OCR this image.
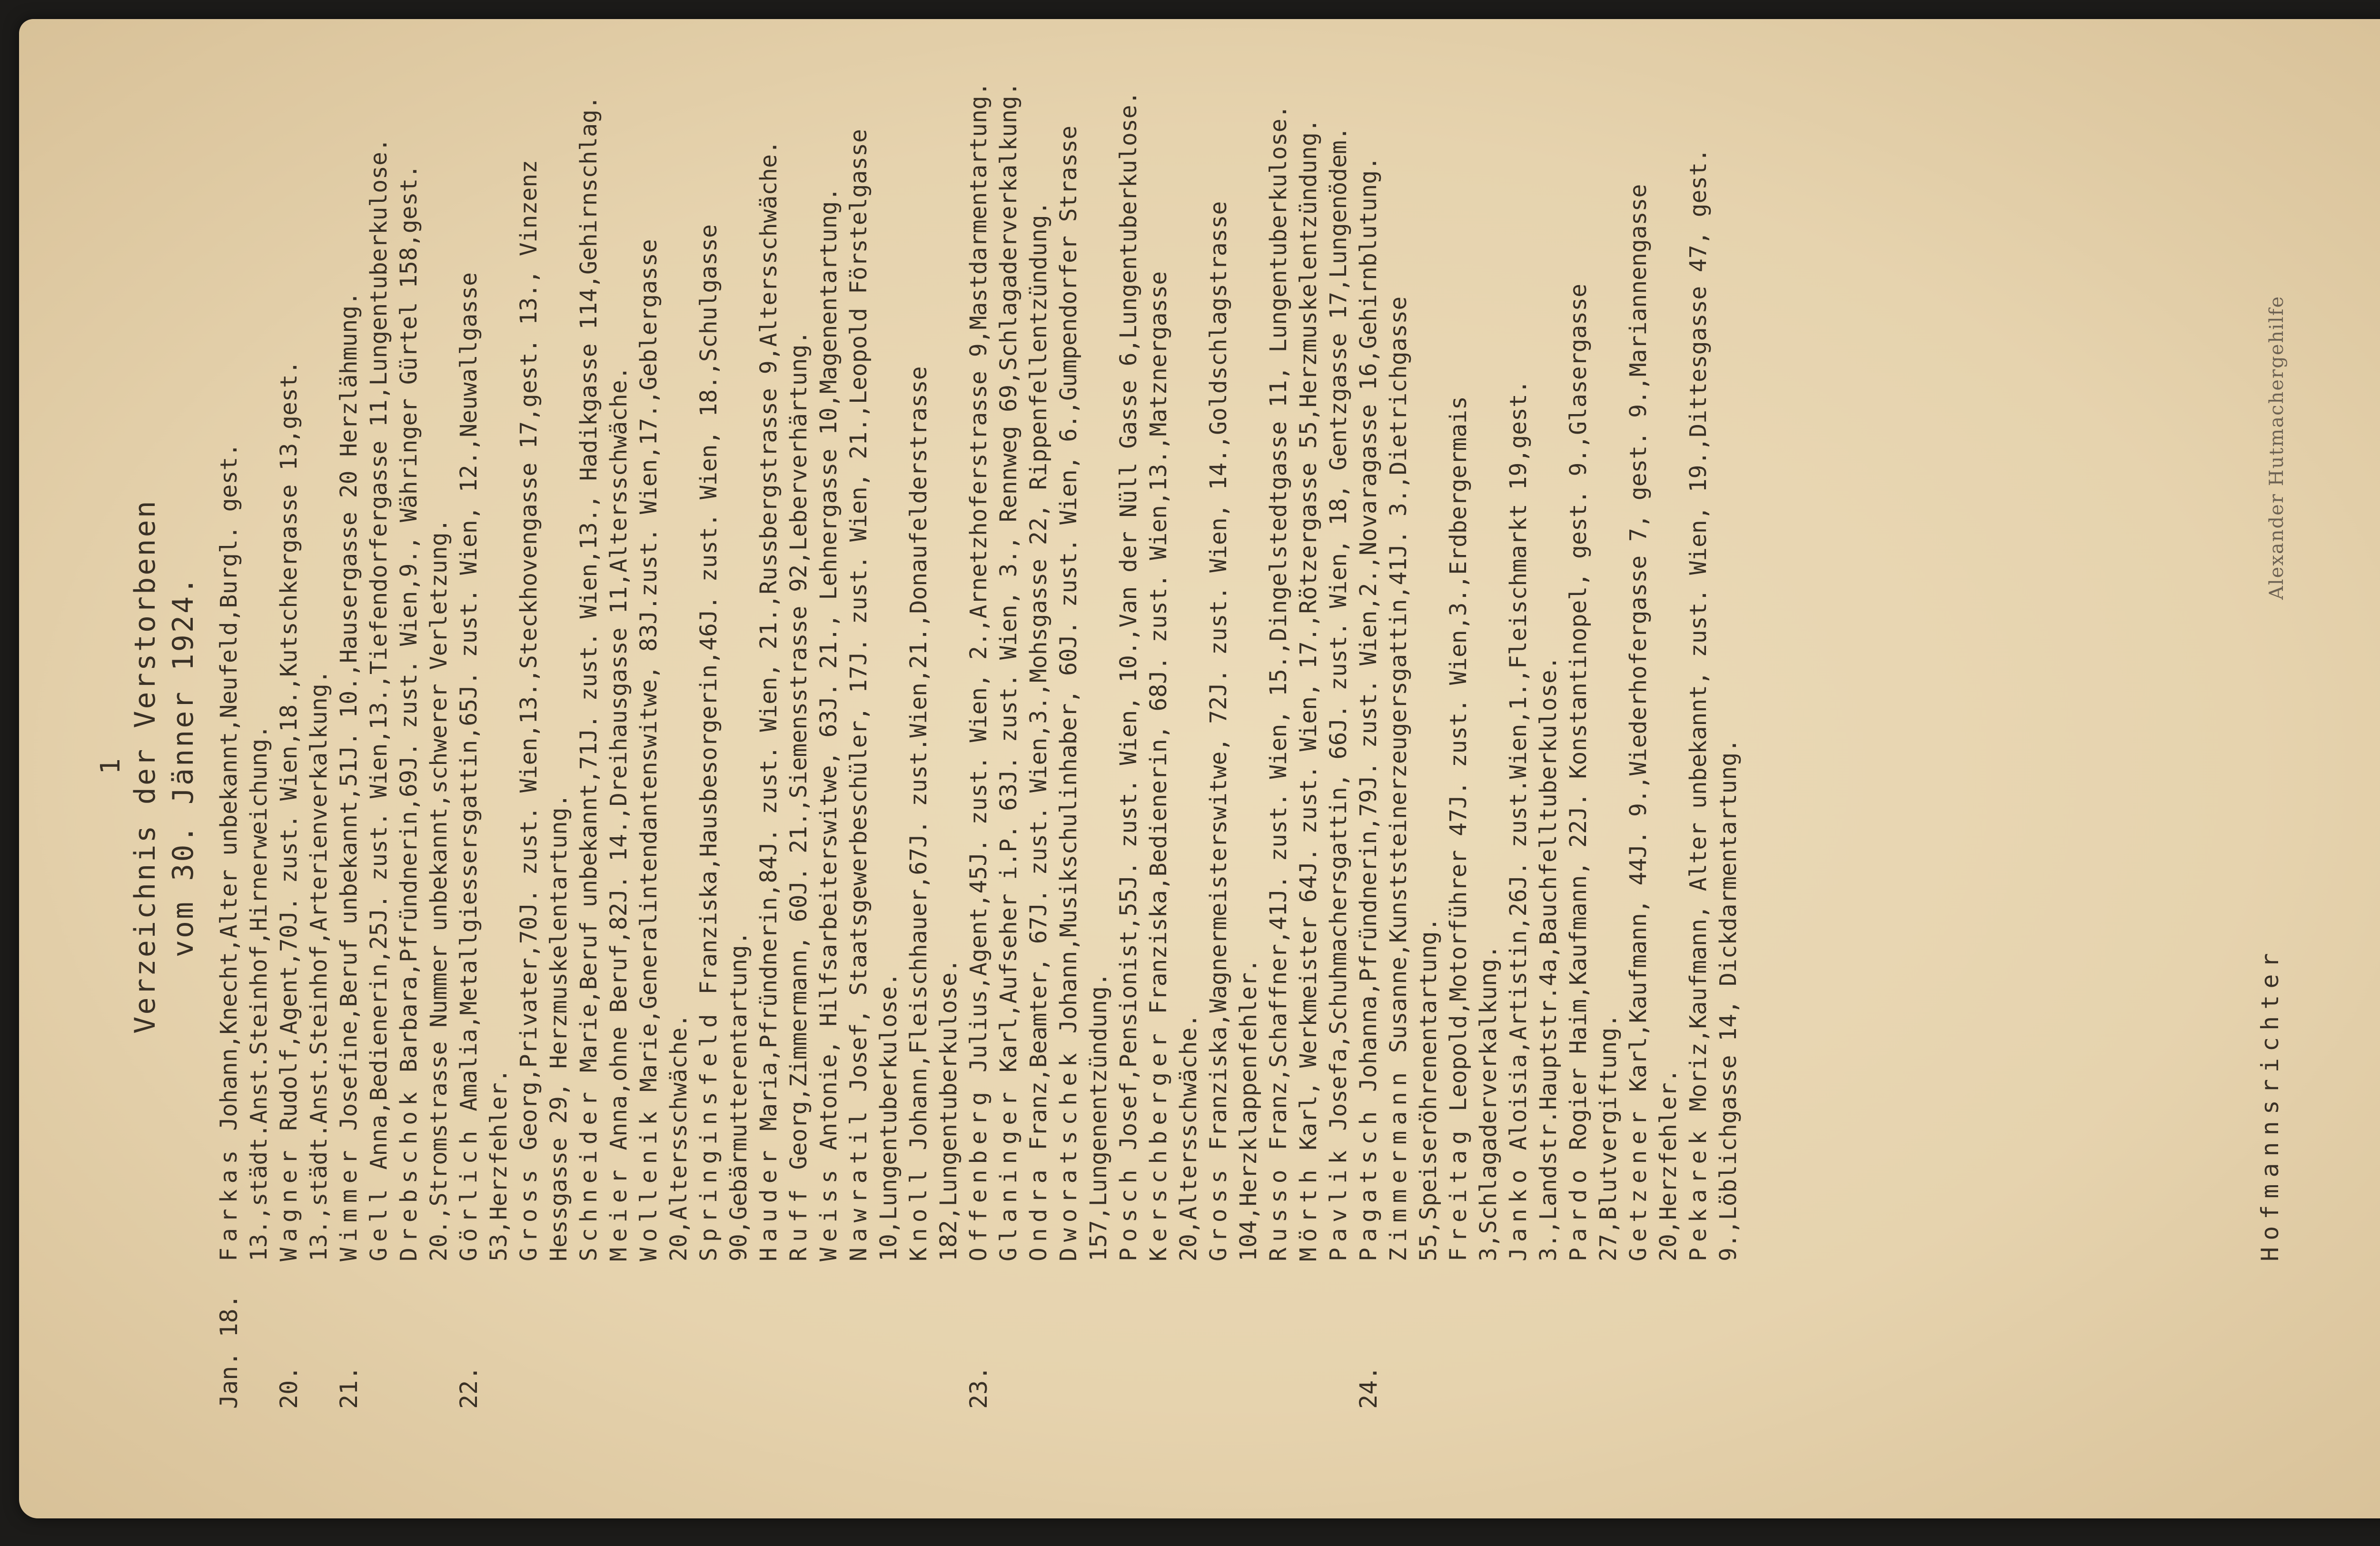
1 Verzeichnis der Verstorbenen vom 30. Jänner 1924.
Jan. 18.
Farkas Johann,Knecht,Alter unbekannt,Neufeld,Burgl. gest. 13.,städt.Anst.Steinhof,Hirnerweichung.
20.
Wagner Rudolf,Agent,70J. zust. Wien,18.,Kutschkergasse 13,gest. 13.,städt.Anst.Steinhof,Arterienverkalkung.
21.
Wimmer Josefine,Beruf unbekannt,51J. 10.,Hausergasse 20 Herzlähmung.
Gell Anna,Bedienerin,25J. zust. Wien,13.,Tiefendorfergasse 11,Lungentuberkulose.
Drebschok Barbara,Pfründnerin,69J. zust. Wien,9., Währinger Gürtel 158,gest. 20.,Stromstrasse Nummer unbekannt,schwerer Verletzung.
22.
Görlich Amalia,Metallgiessersgattin,65J. zust. Wien, 12.,Neuwallgasse 53,Herzfehler. Gross Georg,Privater,70J. zust. Wien,13.,Steckhovengasse 17,gest. 13., Vinzenz Hessgasse 29, Herzmuskelentartung. Schneider Marie,Beruf unbekannt,71J. zust. Wien,13., Hadikgasse 114,Gehirnschlag.
Meier Anna,ohne Beruf,82J. 14.,Dreihausgasse 11,Altersschwäche.
Wollenik Marie,Generalintendantenswitwe, 83J.zust. Wien,17.,Geblergasse 20,Altersschwäche. Springinsfeld Franziska,Hausbesorgerin,46J. zust. Wien, 18.,Schulgasse 90,Gebärmutterentartung. Hauder Maria,Pfründnerin,84J. zust. Wien, 21.,Russbergstrasse 9,Altersschwäche.
Ruff Georg,Zimmermann, 60J. 21.,Siemensstrasse 92,Leberverhärtung.
Weiss Antonie, Hilfsarbeiterswitwe, 63J. 21., Lehnergasse 10,Magenentartung.
Nawratil Josef, Staatsgewerbeschüler, 17J. zust. Wien, 21.,Leopold Förstelgasse 10,Lungentuberkulose. Knoll Johann,Fleischhauer,67J. zust.Wien,21.,Donaufelderstrasse 182,Lungentuberkulose.
23.
Offenberg Julius,Agent,45J. zust. Wien, 2.,Arnetzhoferstrasse 9,Mastdarmentartung.
Glaninger Karl,Aufseher i.P. 63J. zust. Wien, 3., Rennweg 69,Schlagaderverkalkung.
Ondra Franz,Beamter, 67J. zust. Wien,3.,Mohsgasse 22, Rippenfellentzündung.
Dworatschek Johann,Musikschulinhaber, 60J. zust. Wien, 6.,Gumpendorfer Strasse 157,Lungenentzündung. Posch Josef,Pensionist,55J. zust. Wien, 10.,Van der Nüll Gasse 6,Lungentuberkulose. Kerschberger Franziska,Bedienerin, 68J. zust. Wien,13.,Matznergasse 20,Altersschwäche. Gross Franziska,Wagnermeisterswitwe, 72J. zust. Wien, 14.,Goldschlagstrasse 104,Herzklappenfehler. Russo Franz,Schaffner,41J. zust. Wien, 15.,Dingelstedtgasse 11, Lungentuberkulose.
Mörth Karl, Werkmeister 64J. zust. Wien, 17.,Rötzergasse 55,Herzmuskelentzündung.
Pavlik Josefa,Schuhmachersgattin, 66J. zust. Wien, 18, Gentzgasse 17,Lungenödem.
24.
Pagatsch Johanna,Pfründnerin,79J. zust. Wien,2.,Novaragasse 16,Gehirnblutung.
Zimmermann Susanne,Kunststeinerzeugersgattin,41J. 3.,Dietrichgasse 55,Speiseröhrenentartung. Freitag Leopold,Motorführer 47J. zust. Wien,3.,Erdbergermais 3,Schlagaderverkalkung. Janko Aloisia,Artistin,26J. zust.Wien,1.,Fleischmarkt 19,gest. 3.,Landstr.Hauptstr.4a,Bauchfelltuberkulose. Pardo Rogier Haim,Kaufmann, 22J. Konstantinopel, gest. 9.,Glasergasse 27,Blutvergiftung. Getzener Karl,Kaufmann, 44J. 9.,Wiederhofergasse 7, gest. 9.,Mariannengasse 20,Herzfehler. Pekarek Moriz,Kaufmann, Alter unbekannt, zust. Wien, 19.,Dittesgasse 47, gest. 9.,Löblichgasse 14, Dickdarmentartung.	Hofmannsrichter
Alexander Hutmachergehilfe
